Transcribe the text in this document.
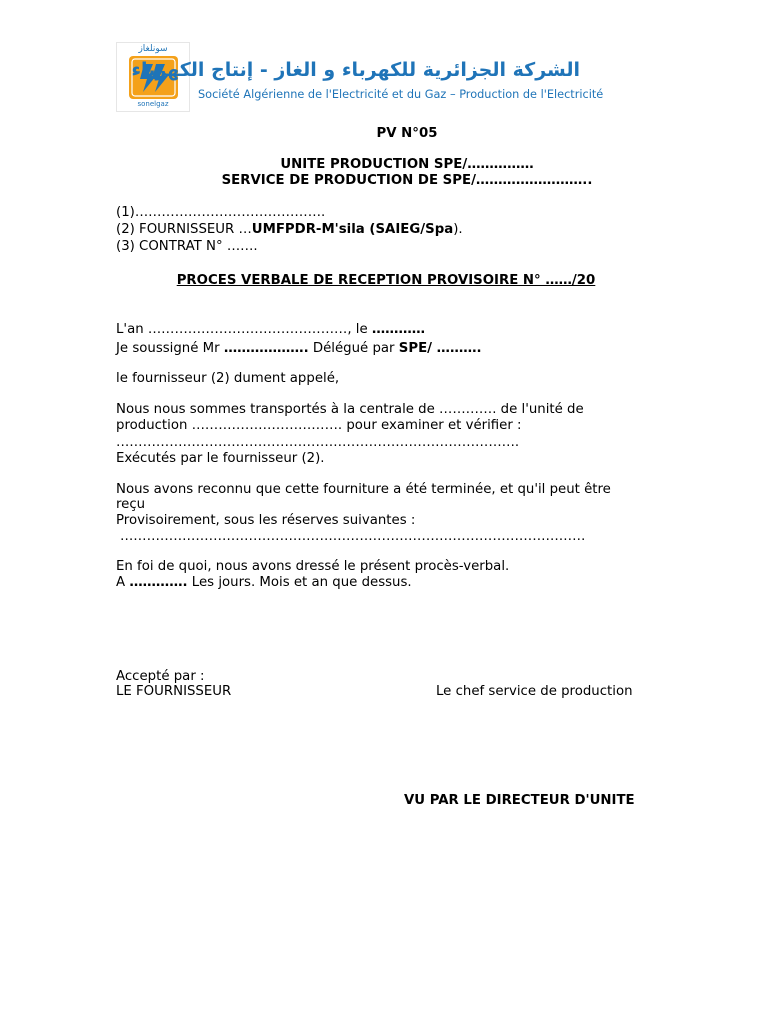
سونلغاز
sonelgaz
الشركة الجزائرية للكهرباء و الغاز - إنتاج الكهرباء
Société Algérienne de l'Electricité et du Gaz – Production de l'Electricité
PV N°05
UNITE PRODUCTION SPE/……………
SERVICE DE PRODUCTION DE SPE/……………………..
(1)…………………………………….
(2) FOURNISSEUR …UMFPDR-M'sila (SAIEG/Spa).
(3) CONTRAT N° …….
PROCES VERBALE DE RECEPTION PROVISOIRE N° ……/20
L'an ………………………………………, le …………
Je soussigné Mr ………………. Délégué par SPE/ ……….
le fournisseur (2) dument appelé,
Nous nous sommes transportés à la centrale de …………. de l'unité de
production ……………………………. pour examiner et vérifier :
……………………………………………………………………………….
Exécutés par le fournisseur (2).
Nous avons reconnu que cette fourniture a été terminée, et qu'il peut être
reçu
Provisoirement, sous les réserves suivantes :
……………………………………………………………………………………………
En foi de quoi, nous avons dressé le présent procès-verbal.
A …………. Les jours. Mois et an que dessus.
Accepté par :
LE FOURNISSEUR	Le chef service de production
VU PAR LE DIRECTEUR D'UNITE
